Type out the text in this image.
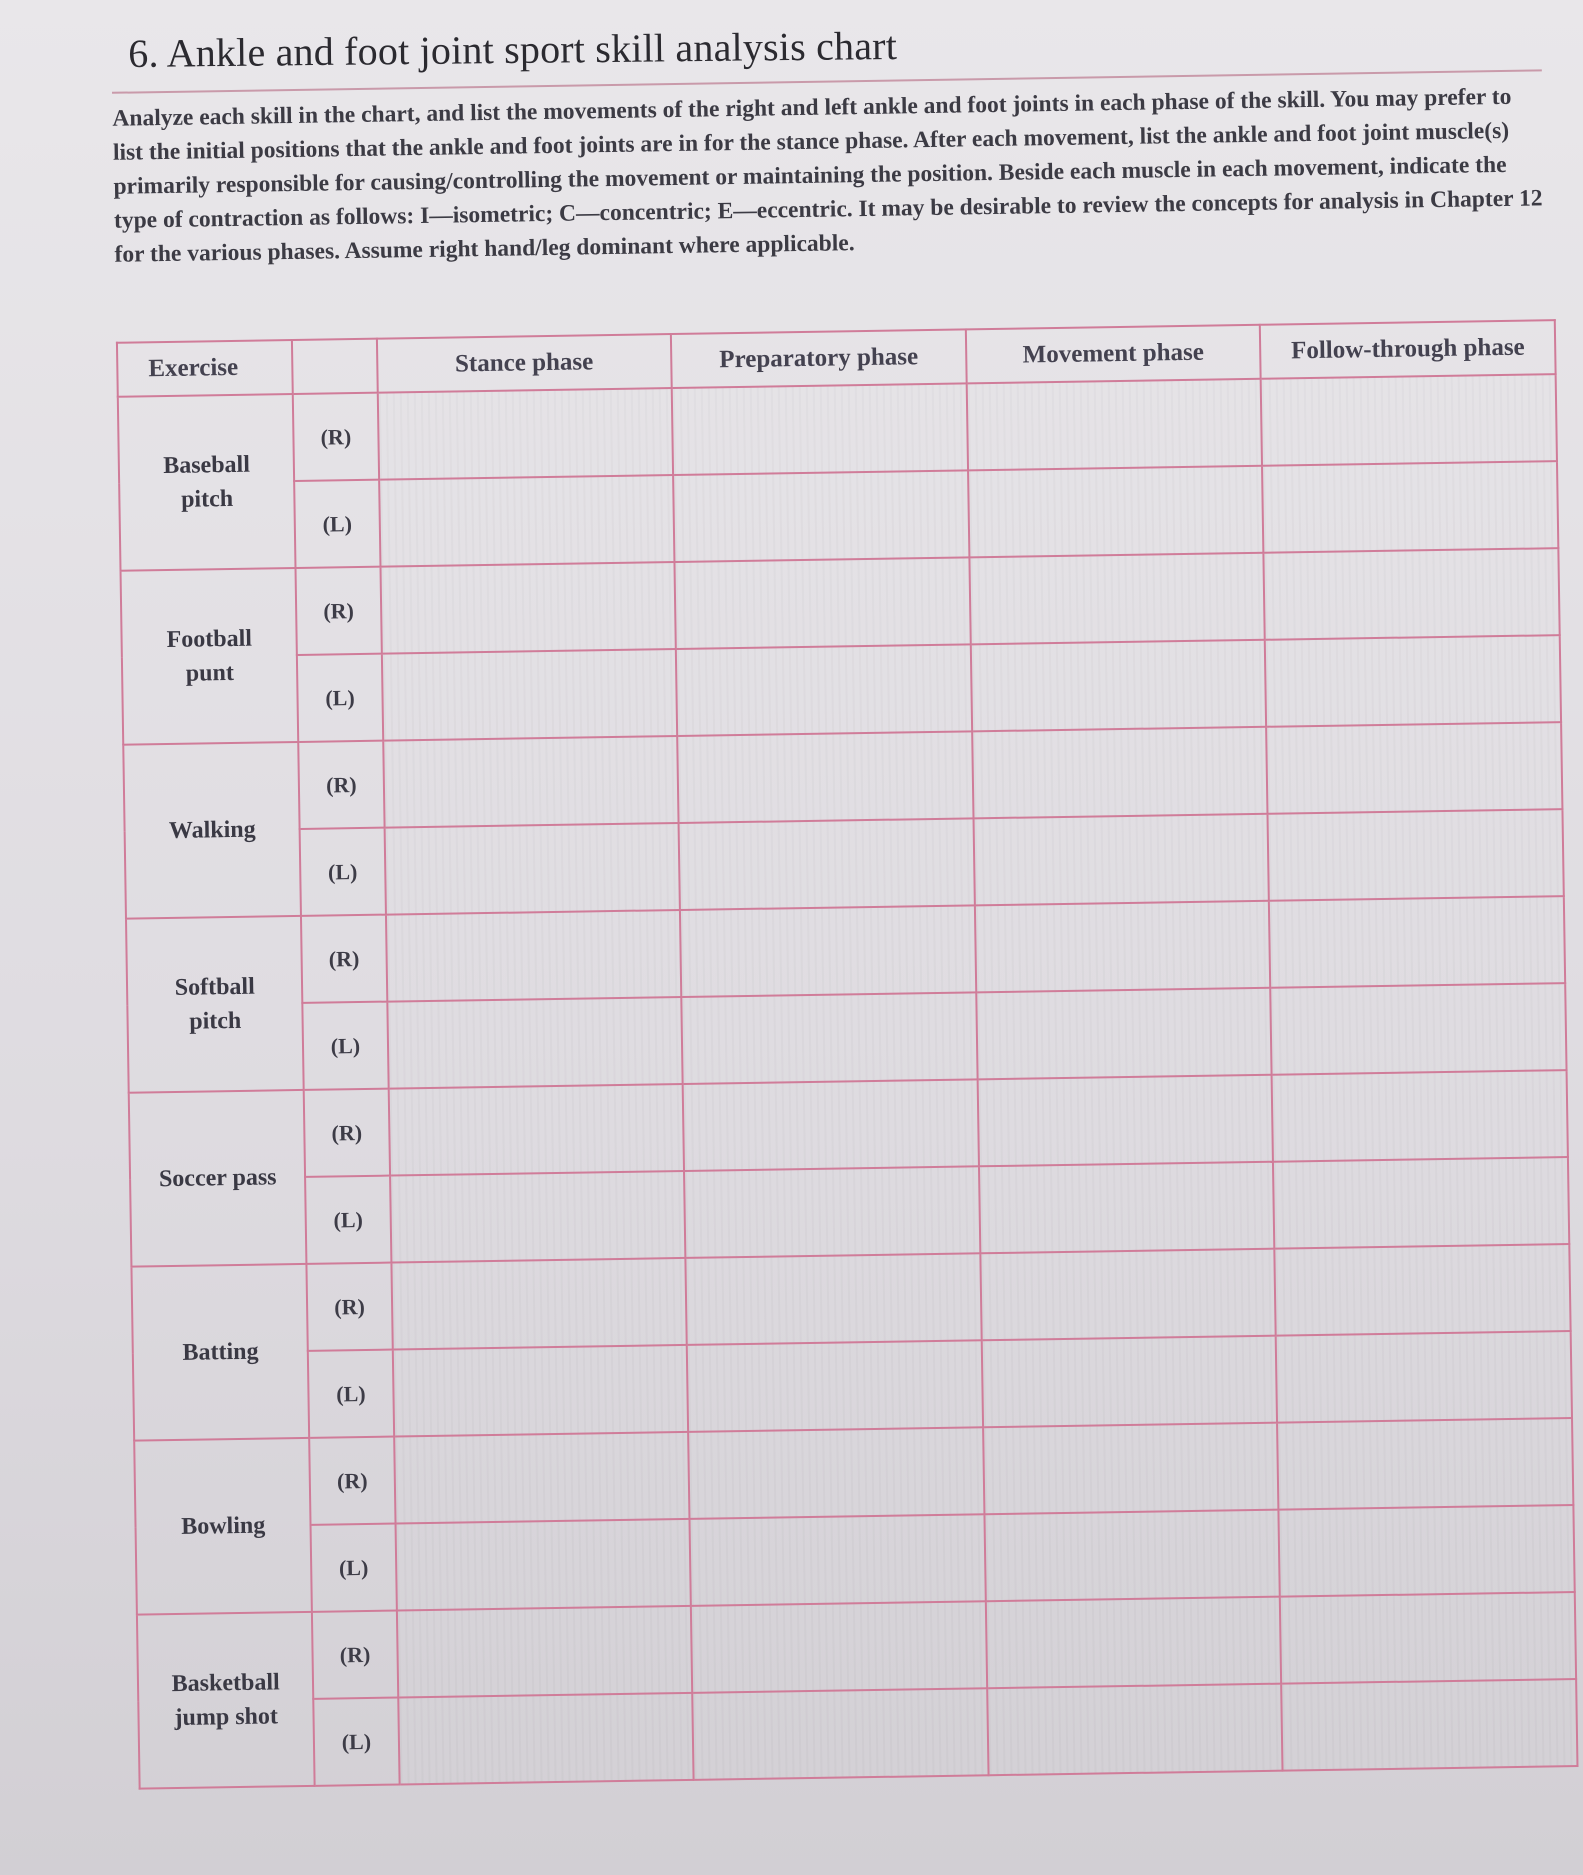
6. Ankle and foot joint sport skill analysis chart
Analyze each skill in the chart, and list the movements of the right and left ankle and foot joints in each phase of the skill. You may prefer to list the initial positions that the ankle and foot joints are in for the stance phase. After each movement, list the ankle and foot joint muscle(s) primarily responsible for causing/controlling the movement or maintaining the position. Beside each muscle in each movement, indicate the type of contraction as follows: I—isometric; C—concentric; E—eccentric. It may be desirable to review the concepts for analysis in Chapter 12 for the various phases. Assume right hand/leg dominant where applicable.
Exercise		Stance phase	Preparatory phase	Movement phase	Follow-through phase

Baseball
pitch	(R)				
	(L)				

Football
punt	(R)				
	(L)				

Walking	(R)				
	(L)				

Softball
pitch	(R)				
	(L)				

Soccer pass	(R)				
	(L)				

Batting	(R)				
	(L)				

Bowling	(R)				
	(L)				

Basketball
jump shot	(R)				
	(L)				
